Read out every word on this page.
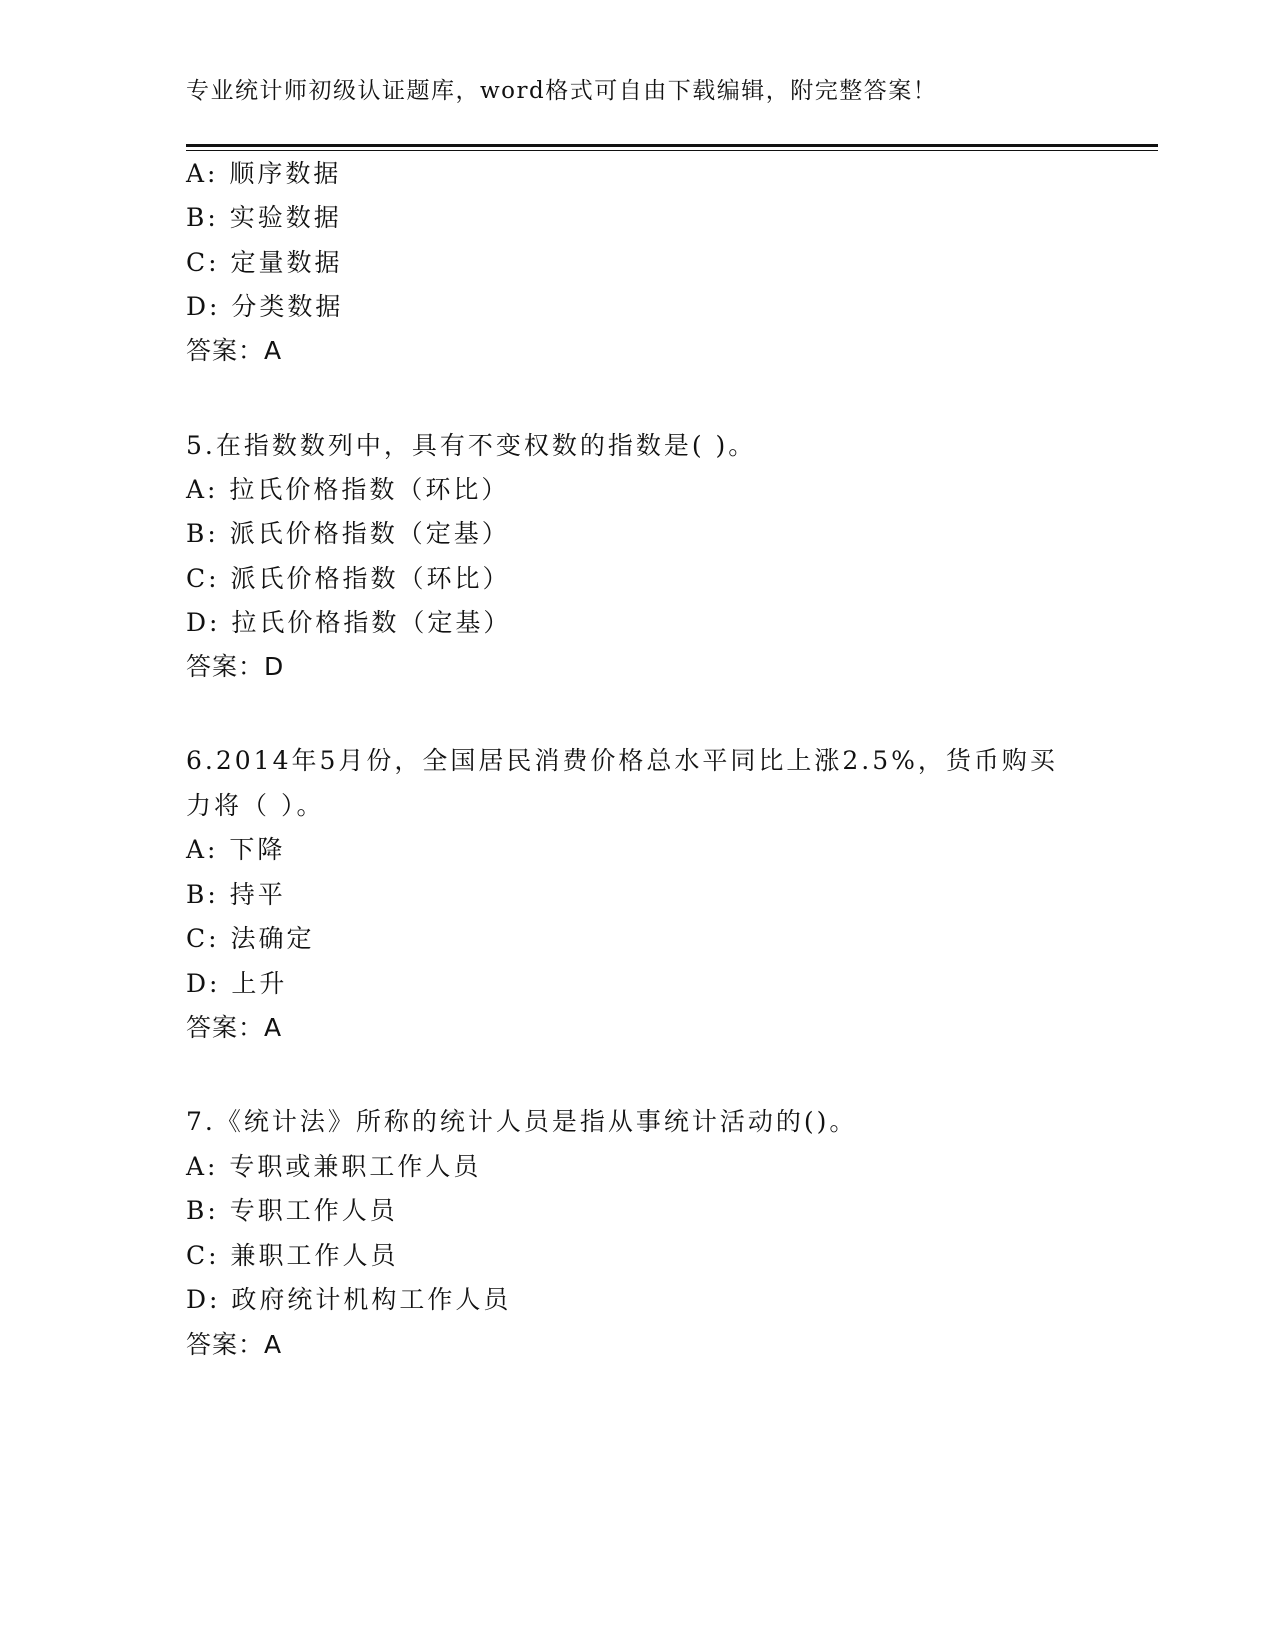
专业统计师初级认证题库，word格式可自由下载编辑，附完整答案！
A: 顺序数据
B: 实验数据
C: 定量数据
D: 分类数据
答案：A
5.在指数数列中，具有不变权数的指数是( )。
A: 拉氏价格指数（环比）
B: 派氏价格指数（定基）
C: 派氏价格指数（环比）
D: 拉氏价格指数（定基）
答案：D
6.2014年5月份，全国居民消费价格总水平同比上涨2.5%，货币购买
力将（ ）。
A: 下降
B: 持平
C: 法确定
D: 上升
答案：A
7.《统计法》所称的统计人员是指从事统计活动的()。
A: 专职或兼职工作人员
B: 专职工作人员
C: 兼职工作人员
D: 政府统计机构工作人员
答案：A
